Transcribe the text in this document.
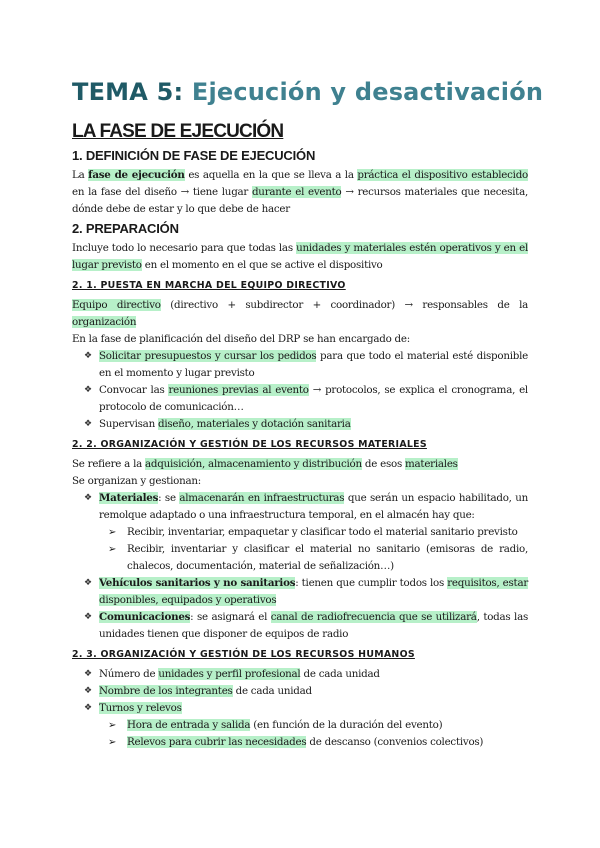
TEMA 5: Ejecución y desactivación
LA FASE DE EJECUCIÓN
1. DEFINICIÓN DE FASE DE EJECUCIÓN
La fase de ejecución es aquella en la que se lleva a la práctica el dispositivo establecido en la fase del diseño → tiene lugar durante el evento → recursos materiales que necesita, dónde debe de estar y lo que debe de hacer
2. PREPARACIÓN
Incluye todo lo necesario para que todas las unidades y materiales estén operativos y en el lugar previsto en el momento en el que se active el dispositivo
2. 1. PUESTA EN MARCHA DEL EQUIPO DIRECTIVO
Equipo directivo (directivo + subdirector + coordinador) → responsables de la organización
En la fase de planificación del diseño del DRP se han encargado de:
❖ Solicitar presupuestos y cursar los pedidos para que todo el material esté disponible en el momento y lugar previsto
❖ Convocar las reuniones previas al evento → protocolos, se explica el cronograma, el protocolo de comunicación…
❖ Supervisan diseño, materiales y dotación sanitaria
2. 2. ORGANIZACIÓN Y GESTIÓN DE LOS RECURSOS MATERIALES
Se refiere a la adquisición, almacenamiento y distribución de esos materiales
Se organizan y gestionan:
❖ Materiales: se almacenarán en infraestructuras que serán un espacio habilitado, un remolque adaptado o una infraestructura temporal, en el almacén hay que:
➢ Recibir, inventariar, empaquetar y clasificar todo el material sanitario previsto
➢ Recibir, inventariar y clasificar el material no sanitario (emisoras de radio, chalecos, documentación, material de señalización…)
❖ Vehículos sanitarios y no sanitarios: tienen que cumplir todos los requisitos, estar disponibles, equipados y operativos
❖ Comunicaciones: se asignará el canal de radiofrecuencia que se utilizará, todas las unidades tienen que disponer de equipos de radio
2. 3. ORGANIZACIÓN Y GESTIÓN DE LOS RECURSOS HUMANOS
❖ Número de unidades y perfil profesional de cada unidad
❖ Nombre de los integrantes de cada unidad
❖ Turnos y relevos
➢ Hora de entrada y salida (en función de la duración del evento)
➢ Relevos para cubrir las necesidades de descanso (convenios colectivos)
